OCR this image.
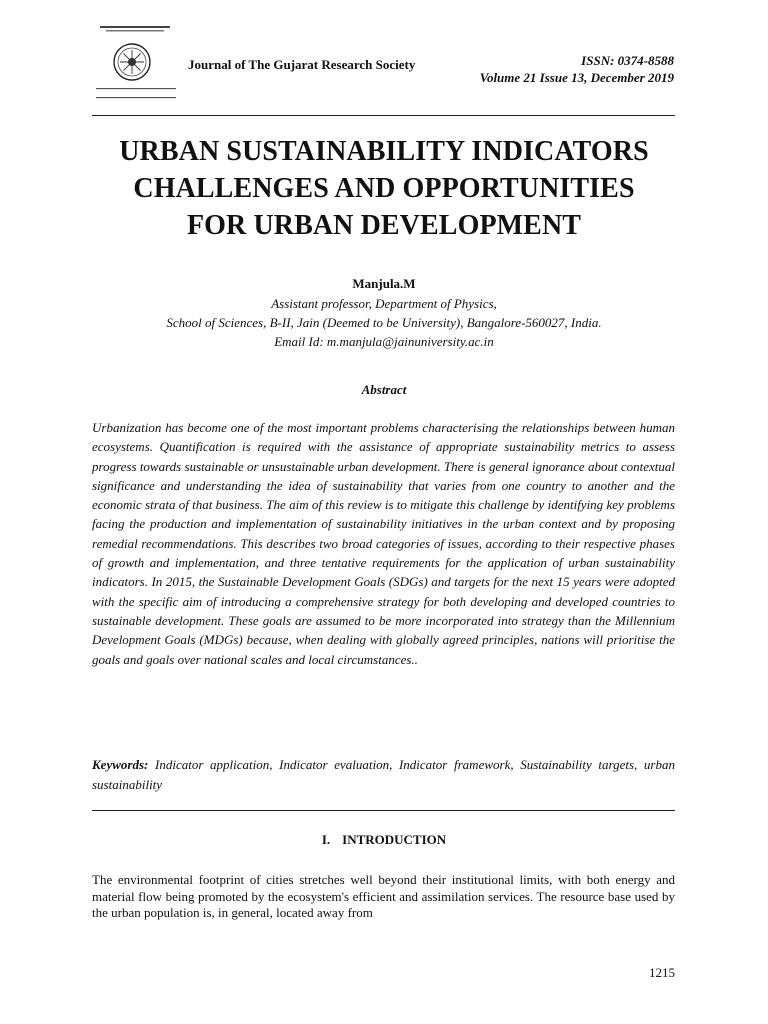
Journal of The Gujarat Research Society	ISSN: 0374-8588
Volume 21 Issue 13, December 2019
URBAN SUSTAINABILITY INDICATORS
CHALLENGES AND OPPORTUNITIES
FOR URBAN DEVELOPMENT
Manjula.M
Assistant professor, Department of Physics,
School of Sciences, B-II, Jain (Deemed to be University), Bangalore-560027, India.
Email Id: m.manjula@jainuniversity.ac.in
Abstract

Urbanization has become one of the most important problems characterising the relationships between human ecosystems. Quantification is required with the assistance of appropriate sustainability metrics to assess progress towards sustainable or unsustainable urban development. There is general ignorance about contextual significance and understanding the idea of sustainability that varies from one country to another and the economic strata of that business. The aim of this review is to mitigate this challenge by identifying key problems facing the production and implementation of sustainability initiatives in the urban context and by proposing remedial recommendations. This describes two broad categories of issues, according to their respective phases of growth and implementation, and three tentative requirements for the application of urban sustainability indicators. In 2015, the Sustainable Development Goals (SDGs) and targets for the next 15 years were adopted with the specific aim of introducing a comprehensive strategy for both developing and developed countries to sustainable development. These goals are assumed to be more incorporated into strategy than the Millennium Development Goals (MDGs) because, when dealing with globally agreed principles, nations will prioritise the goals and goals over national scales and local circumstances..

Keywords: Indicator application, Indicator evaluation, Indicator framework, Sustainability targets, urban sustainability
I. INTRODUCTION

The environmental footprint of cities stretches well beyond their institutional limits, with both energy and material flow being promoted by the ecosystem's efficient and assimilation services. The resource base used by the urban population is, in general, located away from

1215
